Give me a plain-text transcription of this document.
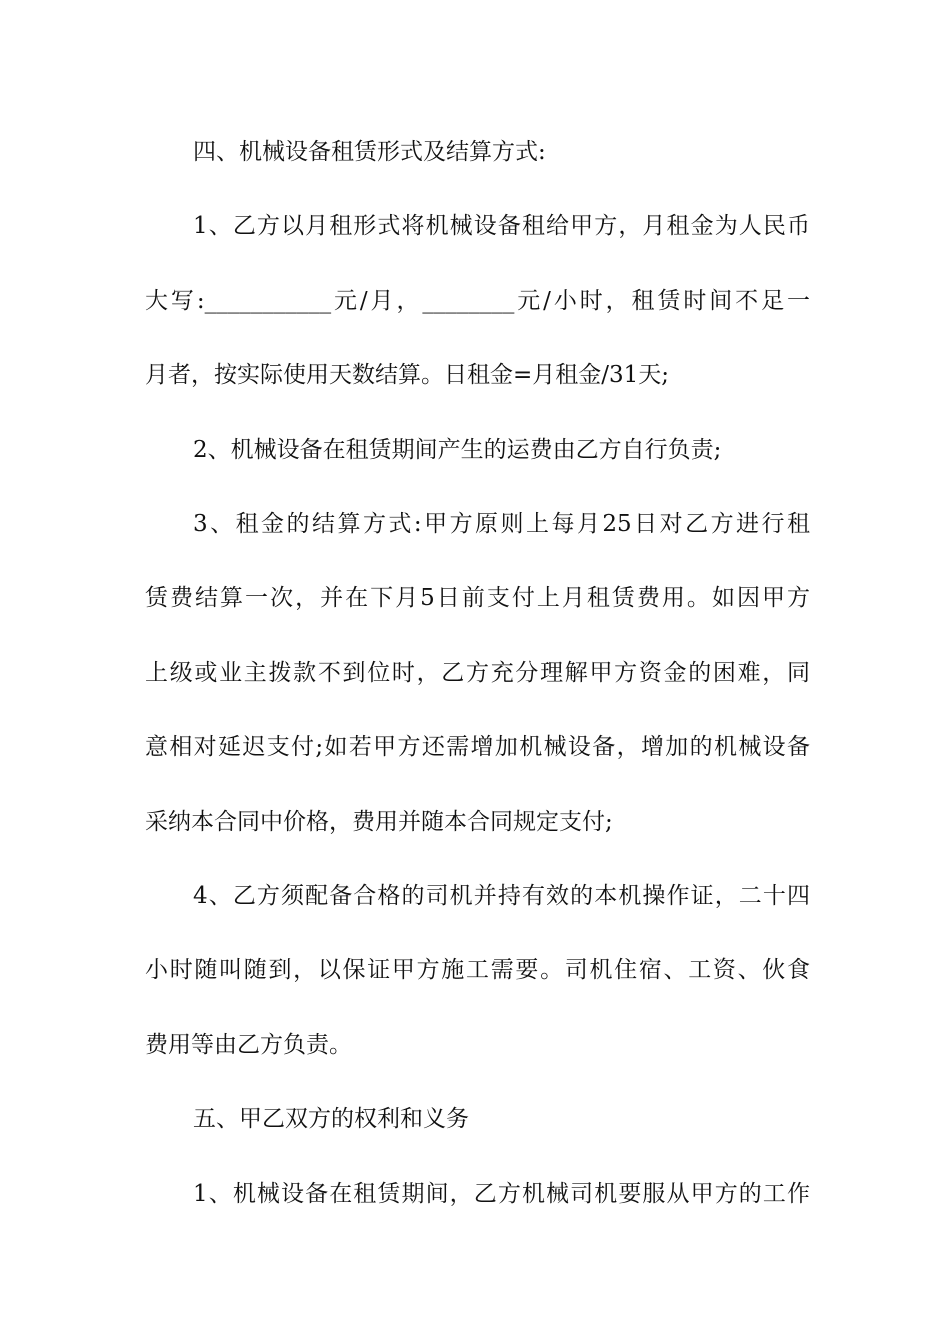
四、机械设备租赁形式及结算方式:
1、乙方以月租形式将机械设备租给甲方，月租金为人民币
大写:___________元/月，________元/小时，租赁时间不足一
月者，按实际使用天数结算。日租金=月租金/31天;
2、机械设备在租赁期间产生的运费由乙方自行负责;
3、租金的结算方式:甲方原则上每月25日对乙方进行租
赁费结算一次，并在下月5日前支付上月租赁费用。如因甲方
上级或业主拨款不到位时，乙方充分理解甲方资金的困难，同
意相对延迟支付;如若甲方还需增加机械设备，增加的机械设备
采纳本合同中价格，费用并随本合同规定支付;
4、乙方须配备合格的司机并持有效的本机操作证，二十四
小时随叫随到，以保证甲方施工需要。司机住宿、工资、伙食
费用等由乙方负责。
五、甲乙双方的权利和义务
1、机械设备在租赁期间，乙方机械司机要服从甲方的工作
